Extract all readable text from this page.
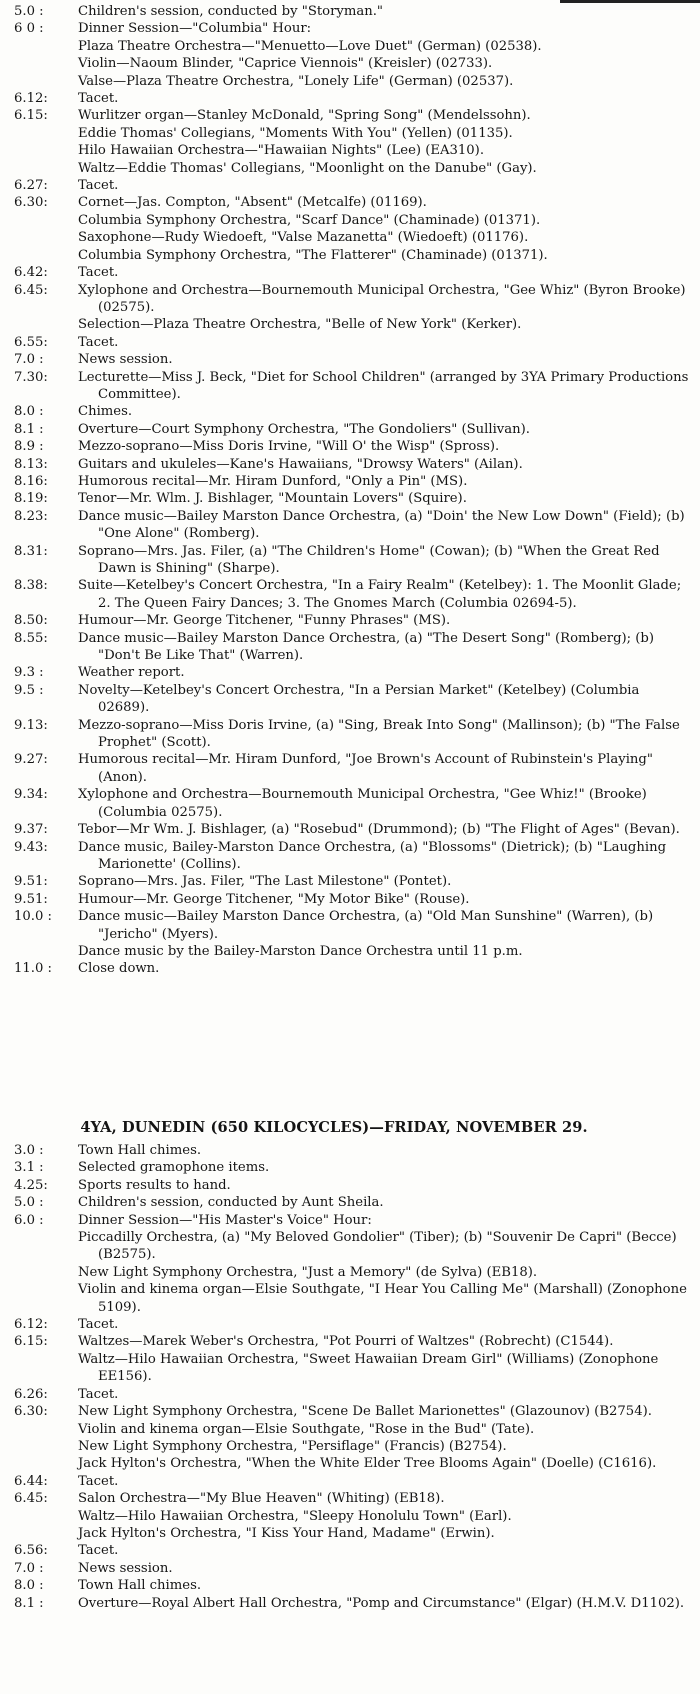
5.0 :	Children's session, conducted by "Storyman."
6 0 :	Dinner Session—"Columbia" Hour:
Plaza Theatre Orchestra—"Menuetto—Love Duet" (German) (02538).
Violin—Naoum Blinder, "Caprice Viennois" (Kreisler) (02733).
Valse—Plaza Theatre Orchestra, "Lonely Life" (German) (02537).
6.12:	Tacet.
6.15:	Wurlitzer organ—Stanley McDonald, "Spring Song" (Mendelssohn).
Eddie Thomas' Collegians, "Moments With You" (Yellen) (01135).
Hilo Hawaiian Orchestra—"Hawaiian Nights" (Lee) (EA310).
Waltz—Eddie Thomas' Collegians, "Moonlight on the Danube" (Gay).
6.27:	Tacet.
6.30:	Cornet—Jas. Compton, "Absent" (Metcalfe) (01169).
Columbia Symphony Orchestra, "Scarf Dance" (Chaminade) (01371).
Saxophone—Rudy Wiedoeft, "Valse Mazanetta" (Wiedoeft) (01176).
Columbia Symphony Orchestra, "The Flatterer" (Chaminade) (01371).
6.42:	Tacet.
6.45:	Xylophone and Orchestra—Bournemouth Municipal Orchestra, "Gee Whiz" (Byron Brooke) (02575).
Selection—Plaza Theatre Orchestra, "Belle of New York" (Kerker).
6.55:	Tacet.
7.0 :	News session.
7.30:	Lecturette—Miss J. Beck, "Diet for School Children" (arranged by 3YA Primary Productions Committee).
8.0 :	Chimes.
8.1 :	Overture—Court Symphony Orchestra, "The Gondoliers" (Sullivan).
8.9 :	Mezzo-soprano—Miss Doris Irvine, "Will O' the Wisp" (Spross).
8.13:	Guitars and ukuleles—Kane's Hawaiians, "Drowsy Waters" (Ailan).
8.16:	Humorous recital—Mr. Hiram Dunford, "Only a Pin" (MS).
8.19:	Tenor—Mr. Wlm. J. Bishlager, "Mountain Lovers" (Squire).
8.23:	Dance music—Bailey Marston Dance Orchestra, (a) "Doin' the New Low Down" (Field); (b) "One Alone" (Romberg).
8.31:	Soprano—Mrs. Jas. Filer, (a) "The Children's Home" (Cowan); (b) "When the Great Red Dawn is Shining" (Sharpe).
8.38:	Suite—Ketelbey's Concert Orchestra, "In a Fairy Realm" (Ketelbey): 1. The Moonlit Glade; 2. The Queen Fairy Dances; 3. The Gnomes March (Columbia 02694-5).
8.50:	Humour—Mr. George Titchener, "Funny Phrases" (MS).
8.55:	Dance music—Bailey Marston Dance Orchestra, (a) "The Desert Song" (Romberg); (b) "Don't Be Like That" (Warren).
9.3 :	Weather report.
9.5 :	Novelty—Ketelbey's Concert Orchestra, "In a Persian Market" (Ketelbey) (Columbia 02689).
9.13:	Mezzo-soprano—Miss Doris Irvine, (a) "Sing, Break Into Song" (Mallinson); (b) "The False Prophet" (Scott).
9.27:	Humorous recital—Mr. Hiram Dunford, "Joe Brown's Account of Rubinstein's Playing" (Anon).
9.34:	Xylophone and Orchestra—Bournemouth Municipal Orchestra, "Gee Whiz!" (Brooke) (Columbia 02575).
9.37:	Tebor—Mr Wm. J. Bishlager, (a) "Rosebud" (Drummond); (b) "The Flight of Ages" (Bevan).
9.43:	Dance music, Bailey-Marston Dance Orchestra, (a) "Blossoms" (Dietrick); (b) "Laughing Marionette' (Collins).
9.51:	Soprano—Mrs. Jas. Filer, "The Last Milestone" (Pontet).
9.51:	Humour—Mr. George Titchener, "My Motor Bike" (Rouse).
10.0 :	Dance music—Bailey Marston Dance Orchestra, (a) "Old Man Sunshine" (Warren), (b) "Jericho" (Myers).
Dance music by the Bailey-Marston Dance Orchestra until 11 p.m.
11.0 :	Close down.
4YA, DUNEDIN (650 KILOCYCLES)—FRIDAY, NOVEMBER 29.
3.0 :	Town Hall chimes.
3.1 :	Selected gramophone items.
4.25:	Sports results to hand.
5.0 :	Children's session, conducted by Aunt Sheila.
6.0 :	Dinner Session—"His Master's Voice" Hour:
Piccadilly Orchestra, (a) "My Beloved Gondolier" (Tiber); (b) "Souvenir De Capri" (Becce) (B2575).
New Light Symphony Orchestra, "Just a Memory" (de Sylva) (EB18).
Violin and kinema organ—Elsie Southgate, "I Hear You Calling Me" (Marshall) (Zonophone 5109).
6.12:	Tacet.
6.15:	Waltzes—Marek Weber's Orchestra, "Pot Pourri of Waltzes" (Robrecht) (C1544).
Waltz—Hilo Hawaiian Orchestra, "Sweet Hawaiian Dream Girl" (Williams) (Zonophone EE156).
6.26:	Tacet.
6.30:	New Light Symphony Orchestra, "Scene De Ballet Marionettes" (Glazounov) (B2754).
Violin and kinema organ—Elsie Southgate, "Rose in the Bud" (Tate).
New Light Symphony Orchestra, "Persiflage" (Francis) (B2754).
Jack Hylton's Orchestra, "When the White Elder Tree Blooms Again" (Doelle) (C1616).
6.44:	Tacet.
6.45:	Salon Orchestra—"My Blue Heaven" (Whiting) (EB18).
Waltz—Hilo Hawaiian Orchestra, "Sleepy Honolulu Town" (Earl).
Jack Hylton's Orchestra, "I Kiss Your Hand, Madame" (Erwin).
6.56:	Tacet.
7.0 :	News session.
8.0 :	Town Hall chimes.
8.1 :	Overture—Royal Albert Hall Orchestra, "Pomp and Circumstance" (Elgar) (H.M.V. D1102).
